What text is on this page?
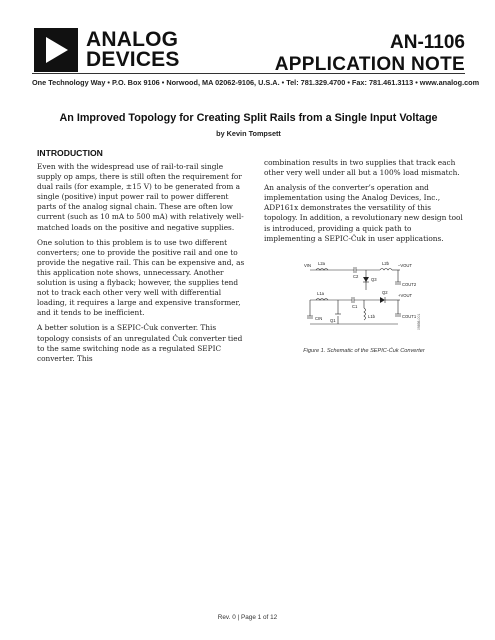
ANALOG
DEVICES
AN-1106
APPLICATION NOTE
One Technology Way • P.O. Box 9106 • Norwood, MA 02062-9106, U.S.A. • Tel: 781.329.4700 • Fax: 781.461.3113 • www.analog.com
An Improved Topology for Creating Split Rails from a Single Input Voltage
by Kevin Tompsett
INTRODUCTION

Even with the widespread use of rail-to-rail single supply op amps, there is still often the requirement for dual rails (for example, ±15 V) to be generated from a single (positive) input power rail to power different parts of the analog signal chain. These are often low current (such as 10 mA to 500 mA) with relatively well-matched loads on the positive and negative supplies.

One solution to this problem is to use two different converters; one to provide the positive rail and one to provide the negative rail. This can be expensive and, as this application note shows, unnecessary. Another solution is using a flyback; however, the supplies tend not to track each other very well with differential loading, it requires a large and expensive transformer, and it tends to be inefficient.

A better solution is a SEPIC-Ćuk converter. This topology consists of an unregulated Ćuk converter tied to the same switching node as a regulated SEPIC converter. This

combination results in two supplies that track each other very well under all but a 100% load mismatch.

An analysis of the converter’s operation and implementation using the Analog Devices, Inc., ADP161x demonstrates the versatility of this topology. In addition, a revolutionary new design tool is introduced, providing a quick path to implementing a SEPIC-Ćuk in user applications.

VIN L2a
C2
L2b –VOUT
Q3
COUT2
L1a
C1
Q2
+VOUT
L1b
CIN Q1
COUT1 09898-001
Figure 1. Schematic of the SEPIC-Ćuk Converter
Rev. 0 | Page 1 of 12
